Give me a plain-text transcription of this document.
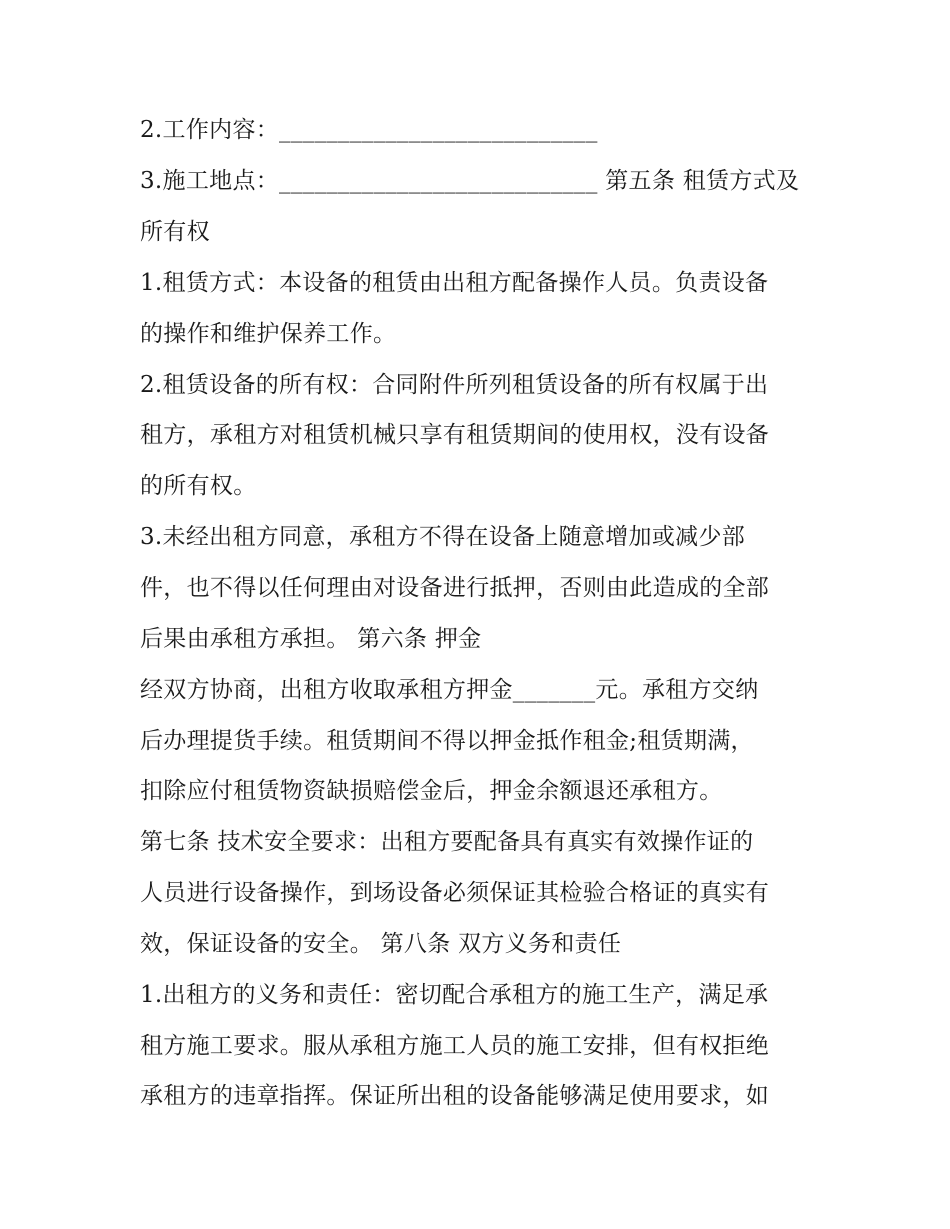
2.工作内容：___________________________
3.施工地点：___________________________ 第五条 租赁方式及
所有权
1.租赁方式：本设备的租赁由出租方配备操作人员。负责设备
的操作和维护保养工作。
2.租赁设备的所有权：合同附件所列租赁设备的所有权属于出
租方，承租方对租赁机械只享有租赁期间的使用权，没有设备
的所有权。
3.未经出租方同意，承租方不得在设备上随意增加或减少部
件，也不得以任何理由对设备进行抵押，否则由此造成的全部
后果由承租方承担。 第六条 押金
经双方协商，出租方收取承租方押金_______元。承租方交纳
后办理提货手续。租赁期间不得以押金抵作租金;租赁期满，
扣除应付租赁物资缺损赔偿金后，押金余额退还承租方。
第七条 技术安全要求：出租方要配备具有真实有效操作证的
人员进行设备操作，到场设备必须保证其检验合格证的真实有
效，保证设备的安全。 第八条 双方义务和责任
1.出租方的义务和责任：密切配合承租方的施工生产，满足承
租方施工要求。服从承租方施工人员的施工安排，但有权拒绝
承租方的违章指挥。保证所出租的设备能够满足使用要求，如
